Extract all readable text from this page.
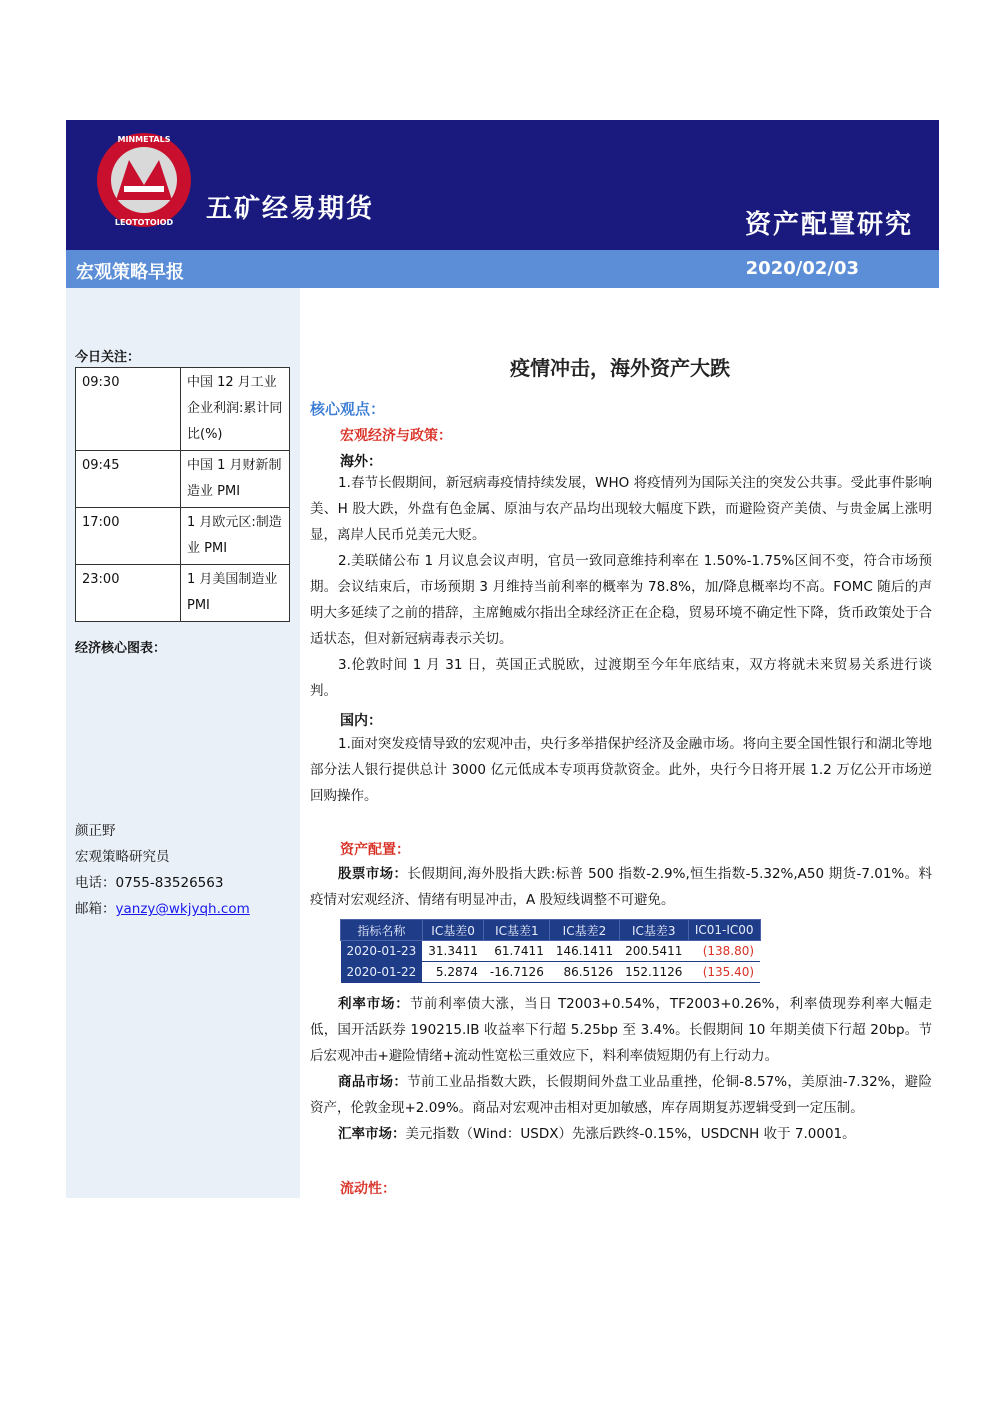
MINMETALS
LEOTOTOIOD 五矿经易期货
资产配置研究
宏观策略早报	2020/02/03
今日关注：
09:30	中国 12 月工业企业利润:累计同比(%)
09:45	中国 1 月财新制造业 PMI
17:00	1 月欧元区:制造业 PMI
23:00	1 月美国制造业 PMI
经济核心图表：
颜正野
宏观策略研究员
电话：0755-83526563
邮箱：yanzy@wkjyqh.com
疫情冲击，海外资产大跌
核心观点：
宏观经济与政策：
海外：
1.春节长假期间，新冠病毒疫情持续发展，WHO 将疫情列为国际关注的突发公共事。受此事件影响美、H 股大跌，外盘有色金属、原油与农产品均出现较大幅度下跌，而避险资产美债、与贵金属上涨明显，离岸人民币兑美元大贬。
2.美联储公布 1 月议息会议声明，官员一致同意维持利率在 1.50%-1.75%区间不变，符合市场预期。会议结束后，市场预期 3 月维持当前利率的概率为 78.8%，加/降息概率均不高。FOMC 随后的声明大多延续了之前的措辞，主席鲍威尔指出全球经济正在企稳，贸易环境不确定性下降，货币政策处于合适状态，但对新冠病毒表示关切。
3.伦敦时间 1 月 31 日，英国正式脱欧，过渡期至今年年底结束，双方将就未来贸易关系进行谈判。
国内：
1.面对突发疫情导致的宏观冲击，央行多举措保护经济及金融市场。将向主要全国性银行和湖北等地部分法人银行提供总计 3000 亿元低成本专项再贷款资金。此外，央行今日将开展 1.2 万亿公开市场逆回购操作。
资产配置：
股票市场：长假期间,海外股指大跌:标普 500 指数-2.9%,恒生指数-5.32%,A50 期货-7.01%。料疫情对宏观经济、情绪有明显冲击，A 股短线调整不可避免。
指标名称	IC基差0	IC基差1	IC基差2	IC基差3	IC01-IC00
2020-01-23	31.3411	61.7411	146.1411	200.5411	(138.80)
2020-01-22	5.2874	-16.7126	86.5126	152.1126	(135.40)
利率市场：节前利率债大涨，当日 T2003+0.54%，TF2003+0.26%，利率债现券利率大幅走低，国开活跃券 190215.IB 收益率下行超 5.25bp 至 3.4%。长假期间 10 年期美债下行超 20bp。节后宏观冲击+避险情绪+流动性宽松三重效应下，料利率债短期仍有上行动力。
商品市场：节前工业品指数大跌，长假期间外盘工业品重挫，伦铜-8.57%，美原油-7.32%，避险资产，伦敦金现+2.09%。商品对宏观冲击相对更加敏感，库存周期复苏逻辑受到一定压制。
汇率市场：美元指数（Wind：USDX）先涨后跌终-0.15%，USDCNH 收于 7.0001。
流动性：
